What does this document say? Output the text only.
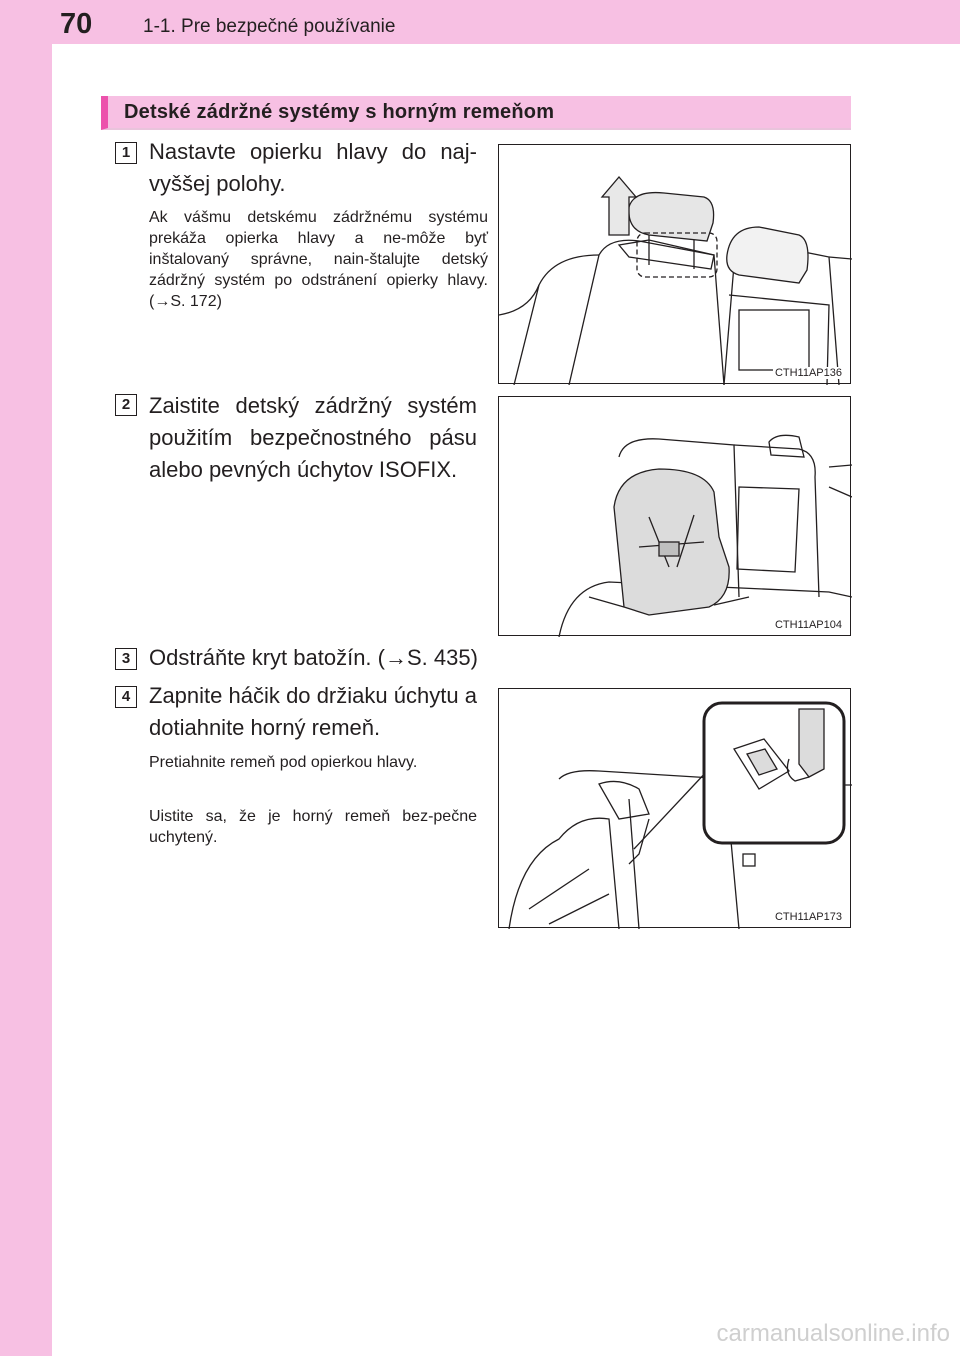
70	1-1. Pre bezpečné používanie
Detské zádržné systémy s horným remeňom
1 Nastavte opierku hlavy do naj-vyššej polohy.
Ak vášmu detskému zádržnému systému prekáža opierka hlavy a ne-môže byť inštalovaný správne, nain-štalujte detský zádržný systém po odstránení opierky hlavy. (→S. 172)
CTH11AP136
2 Zaistite detský zádržný systém použitím bezpečnostného pásu alebo pevných úchytov ISOFIX.
CTH11AP104
3 Odstráňte kryt batožín. (→S. 435)
4 Zapnite háčik do držiaku úchytu a dotiahnite horný remeň.
Pretiahnite remeň pod opierkou hlavy.
Uistite sa, že je horný remeň bez-pečne uchytený.
CTH11AP173
carmanualsonline.info
